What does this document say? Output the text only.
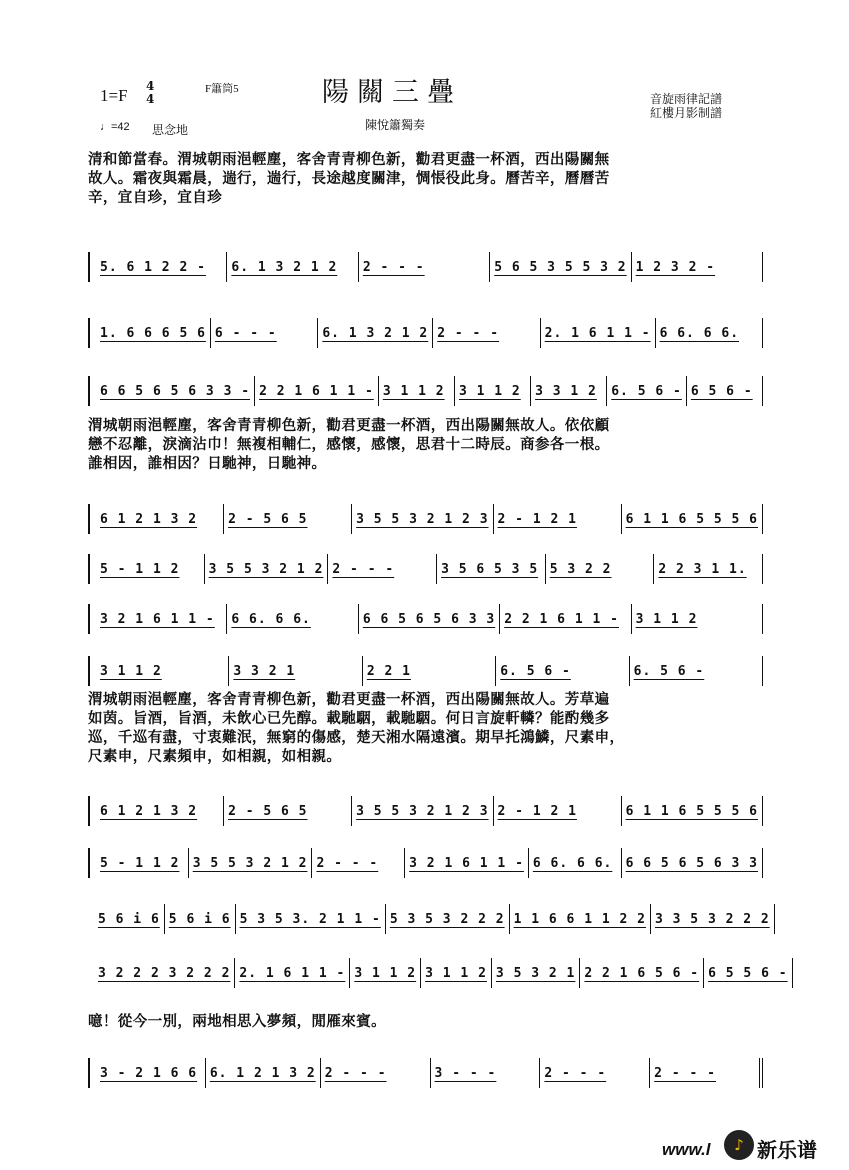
1=F 4
4
F簫筒5	陽關三疊	音旋雨律記譜
紅樓月影制譜
♩=42 思念地	陳悅簫獨奏
清和節當春。渭城朝雨浥輕塵，客舍青青柳色新，勸君更盡一杯酒，西出陽關無
故人。霜夜與霜晨，遄行，遄行，長途越度關津，惆悵役此身。曆苦辛，曆曆苦
辛，宜自珍，宜自珍
5. 6 1 2 2 - 6. 1 3 2 1 2 2 - - -	5 6 5 3 5 5 3 2 1 2 3 2 -
1. 6 6 6 5 6 6 - - -	6. 1 3 2 1 2 2 - - -	2. 1 6 1 1 - 6 6. 6 6.
6 6 5 6 5 6 3 3 - 2 2 1 6 1 1 - 3 1 1 2 3 1 1 2 3 3 1 2 6. 5 6 - 6 5 6 -
渭城朝雨浥輕塵，客舍青青柳色新，勸君更盡一杯酒，西出陽關無故人。依依顧
戀不忍離，淚滴沾巾！無複相輔仁，感懷，感懷，思君十二時辰。商参各一根。
誰相因，誰相因？日馳神，日馳神。
6 1 2 1 3 2 2 - 5 6 5	3 5 5 3 2 1 2 3 2 - 1 2 1	6 1 1 6 5 5 5 6
5 - 1 1 2 3 5 5 3 2 1 2 2 - - -	3 5 6 5 3 5 5 3 2 2	2 2 3 1 1.
3 2 1 6 1 1 - 6 6. 6 6.	6 6 5 6 5 6 3 3 2 2 1 6 1 1 - 3 1 1 2
3 1 1 2	3 3 2 1	2 2 1	6. 5 6 -	6. 5 6 -
渭城朝雨浥輕塵，客舍青青柳色新，勸君更盡一杯酒，西出陽關無故人。芳草遍
如茵。旨酒，旨酒，未飲心已先醇。載馳駰，載馳駰。何日言旋軒轔？能酌幾多
巡，千巡有盡，寸衷難泯，無窮的傷感，楚天湘水隔遠濱。期早托鴻鱗，尺素申，
尺素申，尺素頻申，如相親，如相親。
6 1 2 1 3 2 2 - 5 6 5	3 5 5 3 2 1 2 3 2 - 1 2 1	6 1 1 6 5 5 5 6
5 - 1 1 2 3 5 5 3 2 1 2 2 - - - 3 2 1 6 1 1 - 6 6. 6 6. 6 6 5 6 5 6 3 3
5 6 i 6 5 6 i 6 5 3 5 3. 2 1 1 - 5 3 5 3 2 2 2 1 1 6 6 1 1 2 2 3 3 5 3 2 2 2
3 2 2 2 3 2 2 2 2. 1 6 1 1 - 3 1 1 2 3 1 1 2 3 5 3 2 1 2 2 1 6 5 6 - 6 5 5 6 -
噫！從今一別，兩地相思入夢頻，閒雁來賓。
3 - 2 1 6 6 6. 1 2 1 3 2 2 - - -	3 - - -	2 - - -	2 - - -
www.l	♪ 新乐谱
